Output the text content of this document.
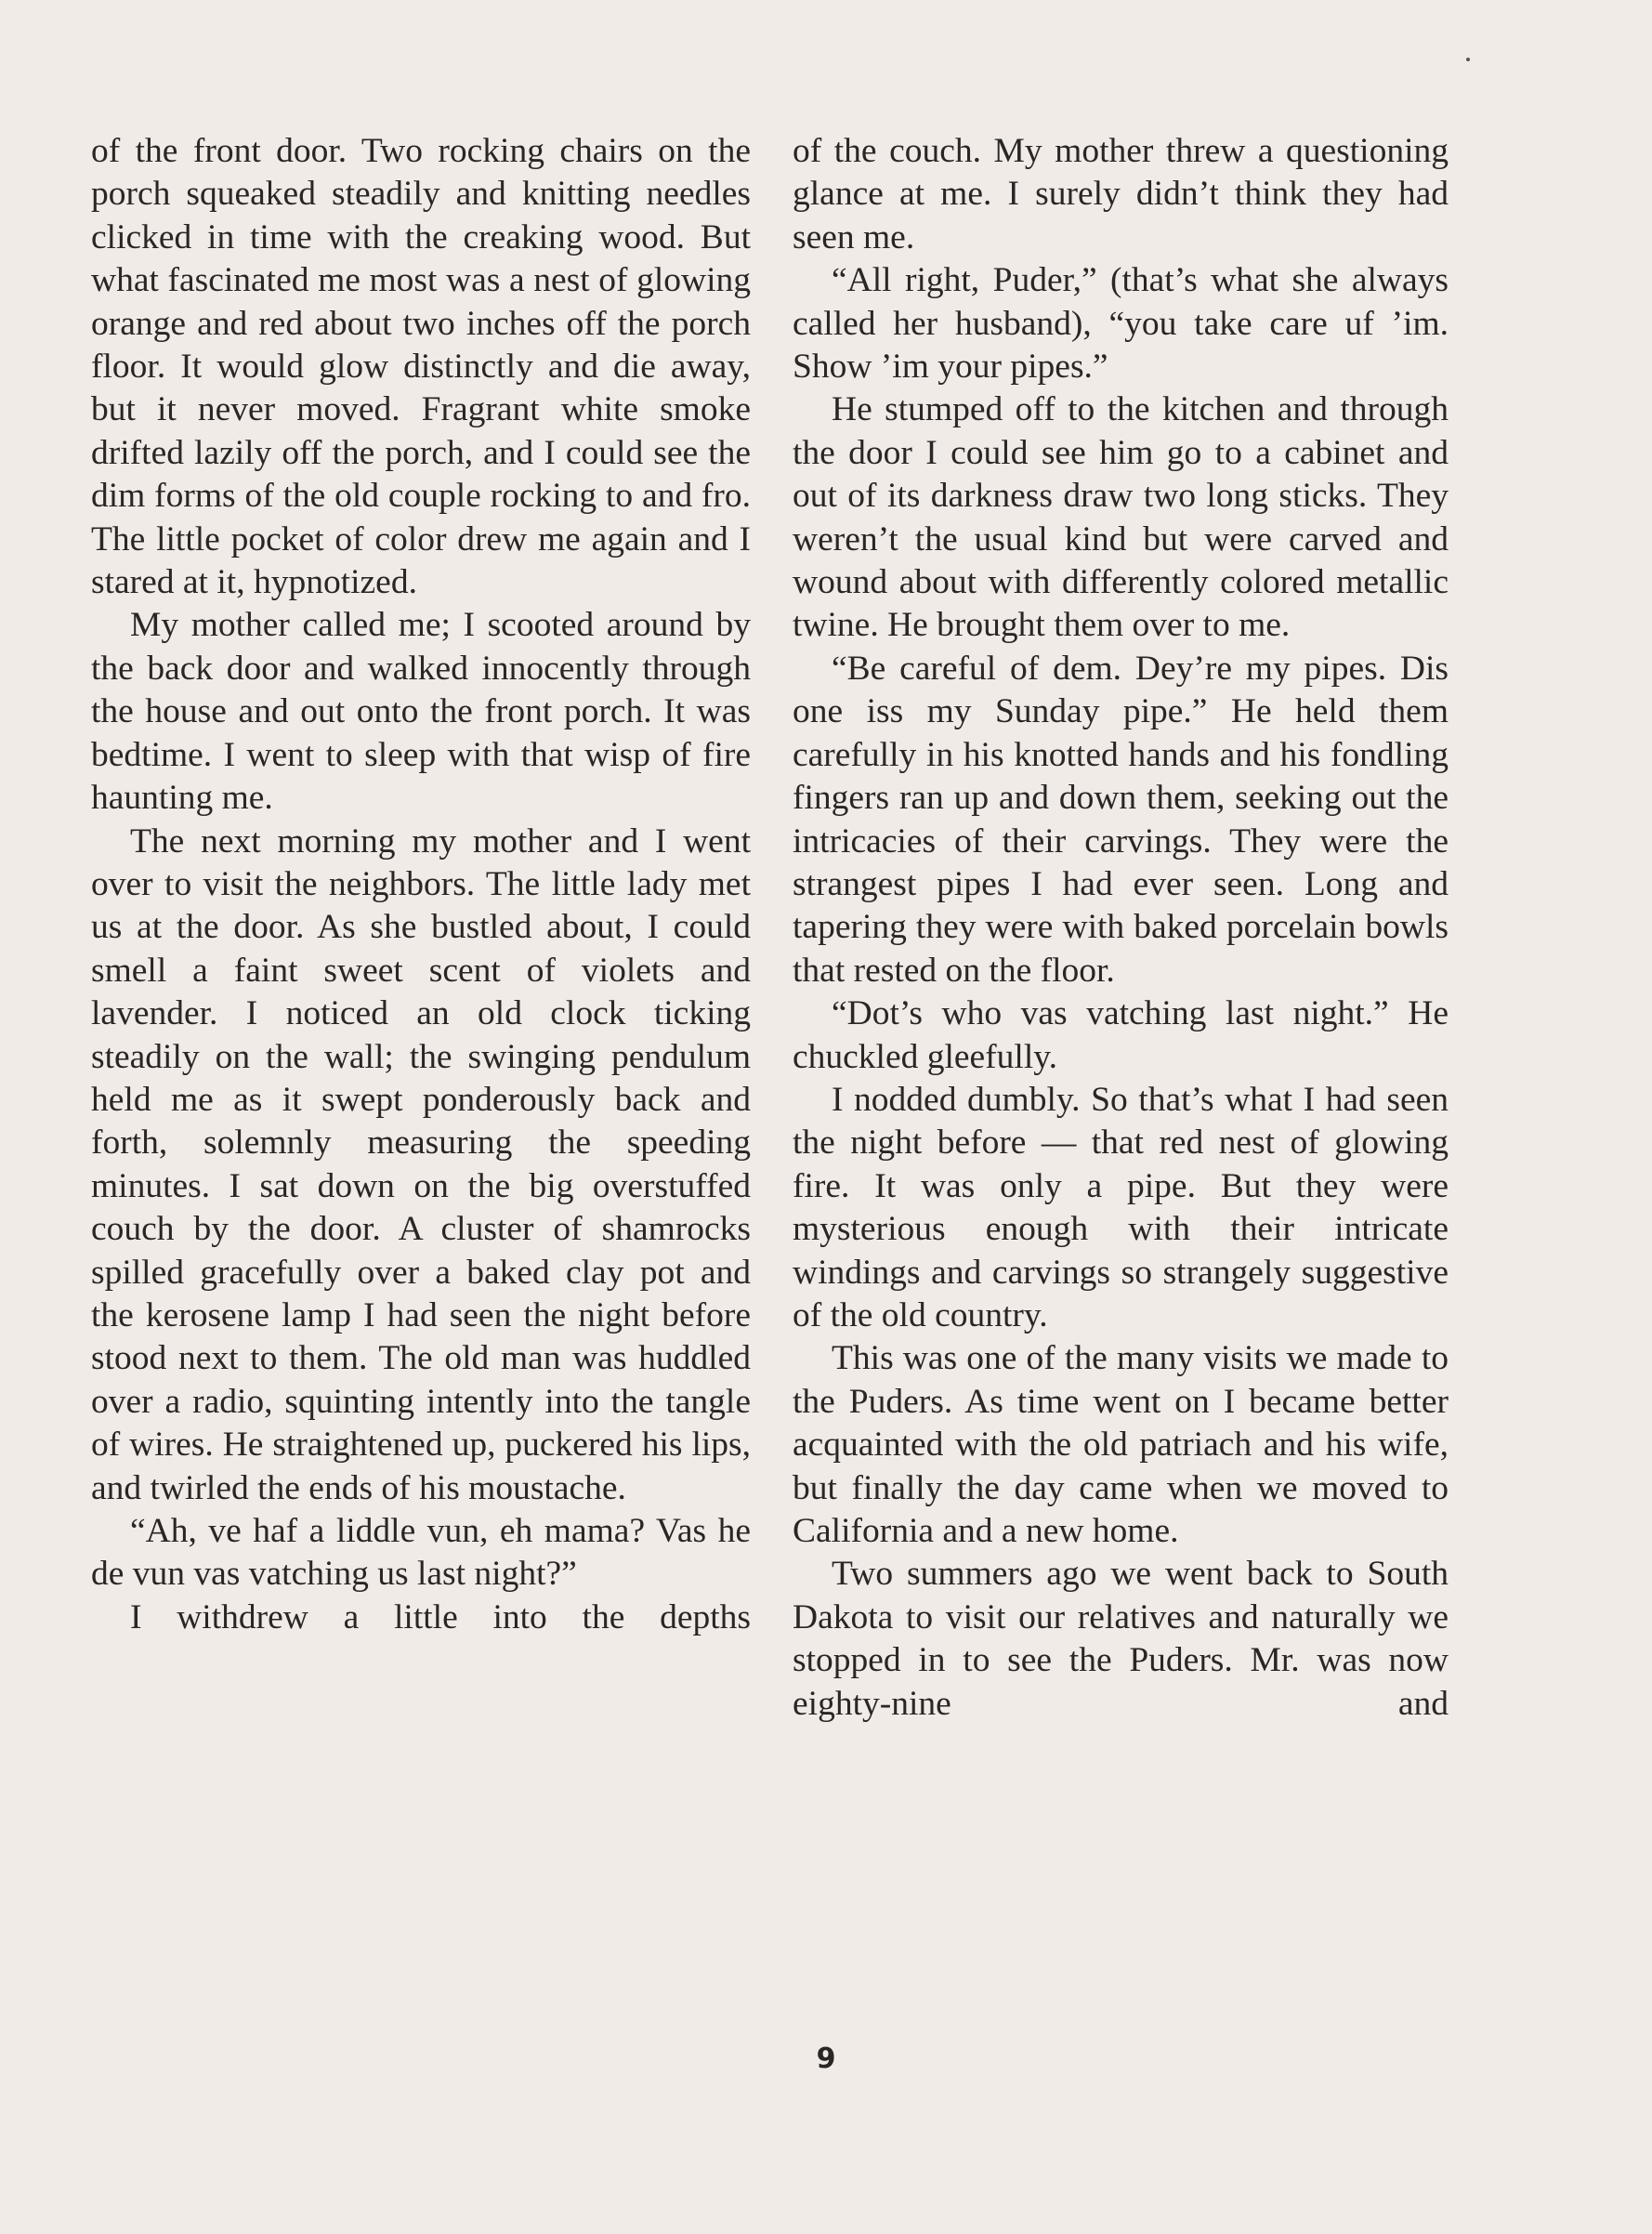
of the front door. Two rocking chairs on the porch squeaked steadily and knitting needles clicked in time with the creaking wood. But what fascinated me most was a nest of glowing orange and red about two inches off the porch floor. It would glow distinctly and die away, but it never moved. Fragrant white smoke drifted lazily off the porch, and I could see the dim forms of the old couple rocking to and fro. The little pocket of color drew me again and I stared at it, hypnotized.

My mother called me; I scooted around by the back door and walked innocently through the house and out onto the front porch. It was bedtime. I went to sleep with that wisp of fire haunting me.

The next morning my mother and I went over to visit the neighbors. The little lady met us at the door. As she bustled about, I could smell a faint sweet scent of violets and lavender. I noticed an old clock ticking steadily on the wall; the swinging pendulum held me as it swept ponderously back and forth, solemnly measuring the speeding minutes. I sat down on the big overstuffed couch by the door. A cluster of shamrocks spilled gracefully over a baked clay pot and the kerosene lamp I had seen the night before stood next to them. The old man was huddled over a radio, squinting intently into the tangle of wires. He straightened up, puckered his lips, and twirled the ends of his moustache.

“Ah, ve haf a liddle vun, eh mama? Vas he de vun vas vatching us last night?”

I withdrew a little into the depths

of the couch. My mother threw a questioning glance at me. I surely didn’t think they had seen me.

“All right, Puder,” (that’s what she always called her husband), “you take care uf ’im. Show ’im your pipes.”

He stumped off to the kitchen and through the door I could see him go to a cabinet and out of its darkness draw two long sticks. They weren’t the usual kind but were carved and wound about with differently colored metallic twine. He brought them over to me.

“Be careful of dem. Dey’re my pipes. Dis one iss my Sunday pipe.” He held them carefully in his knotted hands and his fondling fingers ran up and down them, seeking out the intricacies of their carvings. They were the strangest pipes I had ever seen. Long and tapering they were with baked porcelain bowls that rested on the floor.

“Dot’s who vas vatching last night.” He chuckled gleefully.

I nodded dumbly. So that’s what I had seen the night before — that red nest of glowing fire. It was only a pipe. But they were mysterious enough with their intricate windings and carvings so strangely suggestive of the old country.

This was one of the many visits we made to the Puders. As time went on I became better acquainted with the old patriach and his wife, but finally the day came when we moved to California and a new home.

Two summers ago we went back to South Dakota to visit our relatives and naturally we stopped in to see the Puders. Mr. was now eighty-nine and

9
